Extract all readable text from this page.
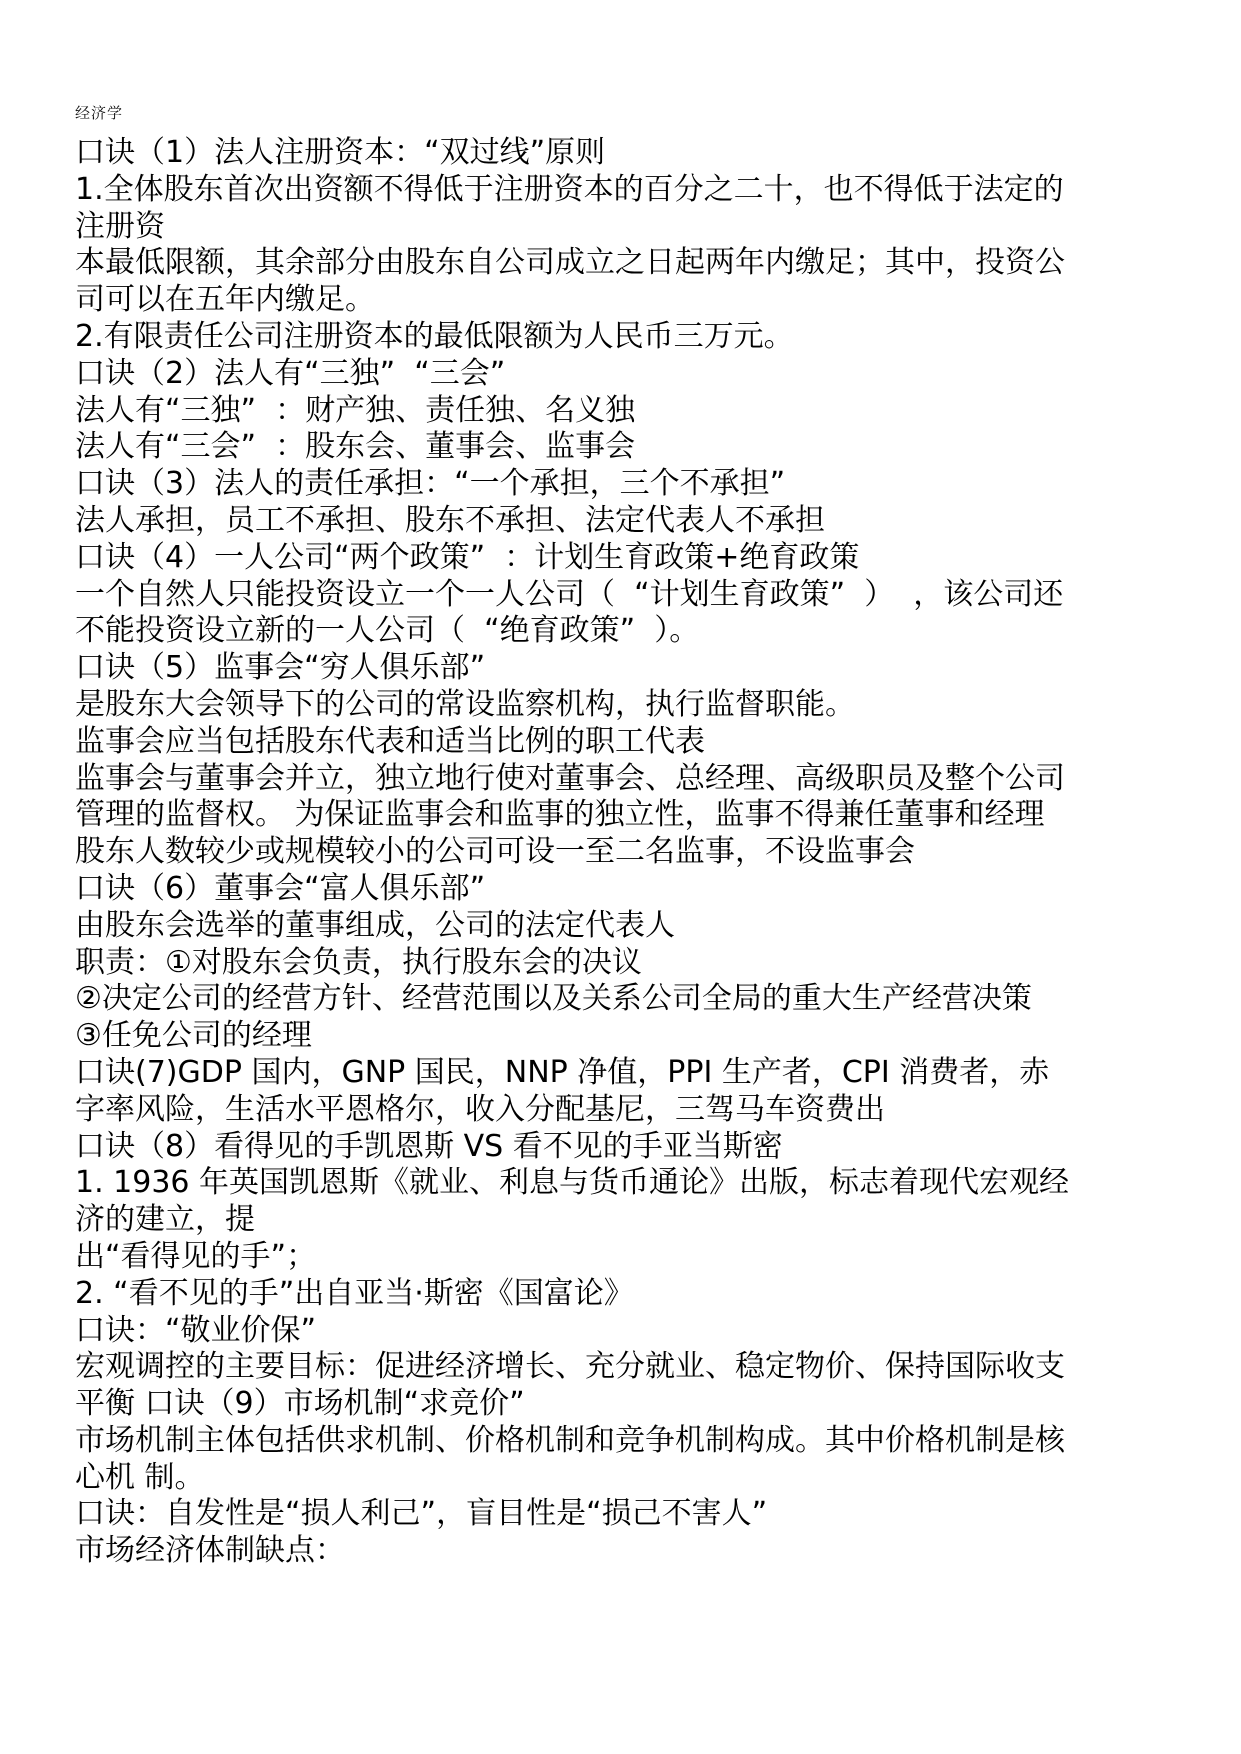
经济学
口诀（1）法人注册资本：“双过线”原则
1.全体股东首次出资额不得低于注册资本的百分之二十，也不得低于法定的
注册资
本最低限额，其余部分由股东自公司成立之日起两年内缴足；其中，投资公
司可以在五年内缴足。
2.有限责任公司注册资本的最低限额为人民币三万元。
口诀（2）法人有“三独”  “三会”
法人有“三独”  ：财产独、责任独、名义独
法人有“三会”  ：股东会、董事会、监事会
口诀（3）法人的责任承担：“一个承担，三个不承担”
法人承担，员工不承担、股东不承担、法定代表人不承担
口诀（4）一人公司“两个政策”  ：计划生育政策+绝育政策
一个自然人只能投资设立一个一人公司（  “计划生育政策”  ）  ，该公司还
不能投资设立新的一人公司（  “绝育政策”  ）。
口诀（5）监事会“穷人俱乐部”
是股东大会领导下的公司的常设监察机构，执行监督职能。
监事会应当包括股东代表和适当比例的职工代表
监事会与董事会并立，独立地行使对董事会、总经理、高级职员及整个公司
管理的监督权。 为保证监事会和监事的独立性，监事不得兼任董事和经理
股东人数较少或规模较小的公司可设一至二名监事，不设监事会
口诀（6）董事会“富人俱乐部”
由股东会选举的董事组成，公司的法定代表人
职责：①对股东会负责，执行股东会的决议
②决定公司的经营方针、经营范围以及关系公司全局的重大生产经营决策
③任免公司的经理
口诀(7)GDP 国内，GNP 国民，NNP 净值，PPI 生产者，CPI 消费者，赤
字率风险，生活水平恩格尔，收入分配基尼，三驾马车资费出
口诀（8）看得见的手凯恩斯 VS 看不见的手亚当斯密
1. 1936 年英国凯恩斯《就业、利息与货币通论》出版，标志着现代宏观经
济的建立，提
出“看得见的手”；
2. “看不见的手”出自亚当·斯密《国富论》
口诀：“敬业价保”
宏观调控的主要目标：促进经济增长、充分就业、稳定物价、保持国际收支
平衡 口诀（9）市场机制“求竞价”
市场机制主体包括供求机制、价格机制和竞争机制构成。其中价格机制是核
心机 制。
口诀：自发性是“损人利己”，盲目性是“损己不害人”
市场经济体制缺点：
